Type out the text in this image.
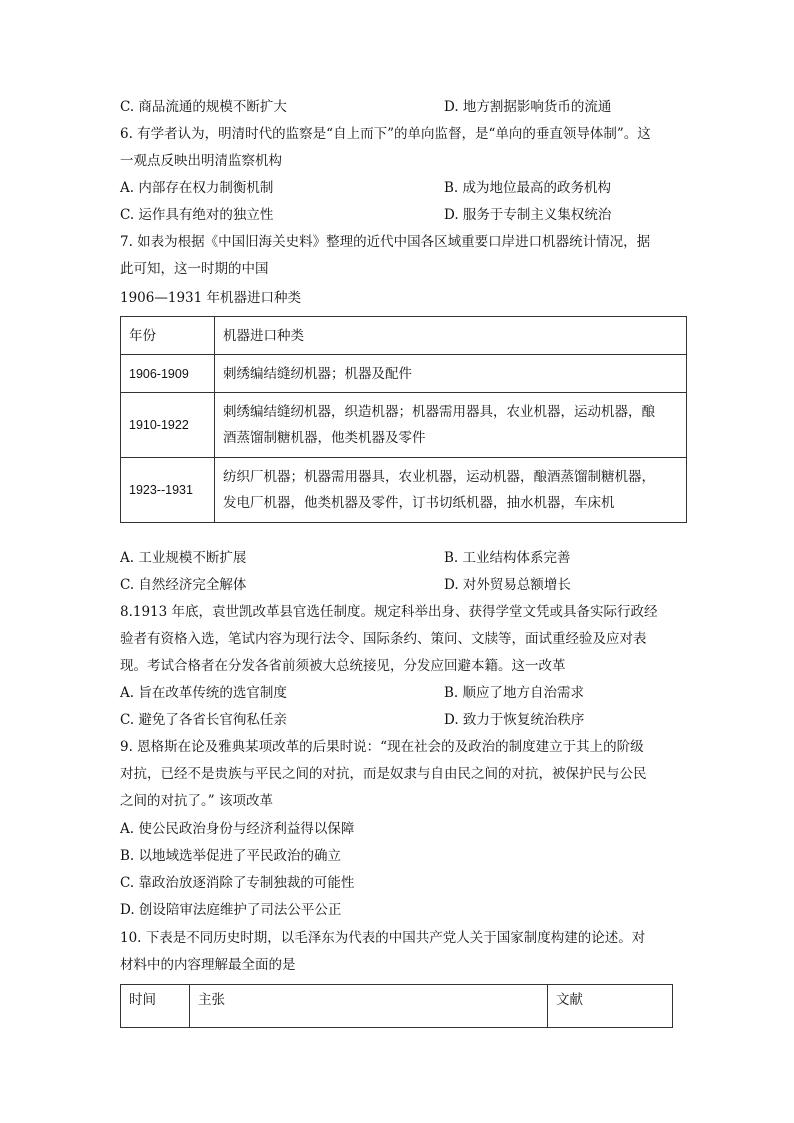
C. 商品流通的规模不断扩大	D. 地方割据影响货币的流通
6. 有学者认为，明清时代的监察是“自上而下”的单向监督，是“单向的垂直领导体制”。这
一观点反映出明清监察机构
A. 内部存在权力制衡机制	B. 成为地位最高的政务机构
C. 运作具有绝对的独立性	D. 服务于专制主义集权统治
7. 如表为根据《中国旧海关史料》整理的近代中国各区域重要口岸进口机器统计情况，据
此可知，这一时期的中国
1906—1931 年机器进口种类
年份	机器进口种类
1906-1909	刺绣编结缝纫机器；机器及配件

1910-1922	刺绣编结缝纫机器，织造机器；机器需用器具，农业机器，运动机器，酿
酒蒸馏制糖机器，他类机器及零件

1923--1931	纺织厂机器；机器需用器具，农业机器，运动机器，酿酒蒸馏制糖机器，
发电厂机器，他类机器及零件，订书切纸机器，抽水机器，车床机
A. 工业规模不断扩展	B. 工业结构体系完善
C. 自然经济完全解体	D. 对外贸易总额增长
8.1913 年底，袁世凯改革县官选任制度。规定科举出身、获得学堂文凭或具备实际行政经
验者有资格入选，笔试内容为现行法令、国际条约、策问、文牍等，面试重经验及应对表
现。考试合格者在分发各省前须被大总统接见，分发应回避本籍。这一改革
A. 旨在改革传统的选官制度	B. 顺应了地方自治需求
C. 避免了各省长官徇私任亲	D. 致力于恢复统治秩序
9. 恩格斯在论及雅典某项改革的后果时说：“现在社会的及政治的制度建立于其上的阶级
对抗，已经不是贵族与平民之间的对抗，而是奴隶与自由民之间的对抗，被保护民与公民
之间的对抗了。” 该项改革
A. 使公民政治身份与经济利益得以保障
B. 以地域选举促进了平民政治的确立
C. 靠政治放逐消除了专制独裁的可能性
D. 创设陪审法庭维护了司法公平公正
10. 下表是不同历史时期，以毛泽东为代表的中国共产党人关于国家制度构建的论述。对
材料中的内容理解最全面的是
时间	主张	文献
